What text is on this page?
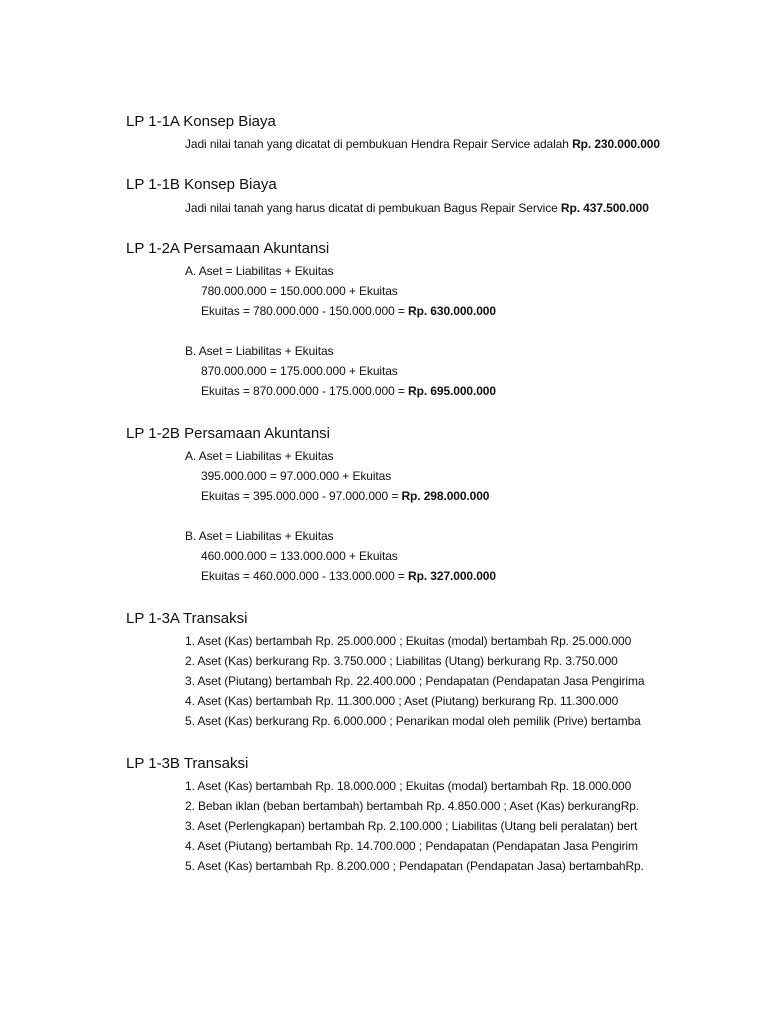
LP 1-1A Konsep Biaya
Jadi nilai tanah yang dicatat di pembukuan Hendra Repair Service adalah Rp. 230.000.000
LP 1-1B Konsep Biaya
Jadi nilai tanah yang harus dicatat di pembukuan Bagus Repair Service Rp. 437.500.000
LP 1-2A Persamaan Akuntansi
A. Aset = Liabilitas + Ekuitas
780.000.000 = 150.000.000 + Ekuitas
Ekuitas = 780.000.000 - 150.000.000 = Rp. 630.000.000
B. Aset = Liabilitas + Ekuitas
870.000.000 = 175.000.000 + Ekuitas
Ekuitas = 870.000.000 - 175.000.000 = Rp. 695.000.000
LP 1-2B Persamaan Akuntansi
A. Aset = Liabilitas + Ekuitas
395.000.000 = 97.000.000 + Ekuitas
Ekuitas = 395.000.000 - 97.000.000 = Rp. 298.000.000
B. Aset = Liabilitas + Ekuitas
460.000.000 = 133.000.000 + Ekuitas
Ekuitas = 460.000.000 - 133.000.000 = Rp. 327.000.000
LP 1-3A Transaksi
1. Aset (Kas) bertambah Rp. 25.000.000 ; Ekuitas (modal) bertambah Rp. 25.000.000
2. Aset (Kas) berkurang Rp. 3.750.000 ; Liabilitas (Utang) berkurang Rp. 3.750.000
3. Aset (Piutang) bertambah Rp. 22.400.000 ; Pendapatan (Pendapatan Jasa Pengirima
4. Aset (Kas) bertambah Rp. 11.300.000 ; Aset (Piutang) berkurang Rp. 11.300.000
5. Aset (Kas) berkurang Rp. 6.000.000 ; Penarikan modal oleh pemilik (Prive) bertamba
LP 1-3B Transaksi
1. Aset (Kas) bertambah Rp. 18.000.000 ; Ekuitas (modal) bertambah Rp. 18.000.000
2. Beban iklan (beban bertambah) bertambah Rp. 4.850.000 ; Aset (Kas) berkurangRp.
3. Aset (Perlengkapan) bertambah Rp. 2.100.000 ; Liabilitas (Utang beli peralatan) bert
4. Aset (Piutang) bertambah Rp. 14.700.000 ; Pendapatan (Pendapatan Jasa Pengirim
5. Aset (Kas) bertambah Rp. 8.200.000 ; Pendapatan (Pendapatan Jasa) bertambahRp.
